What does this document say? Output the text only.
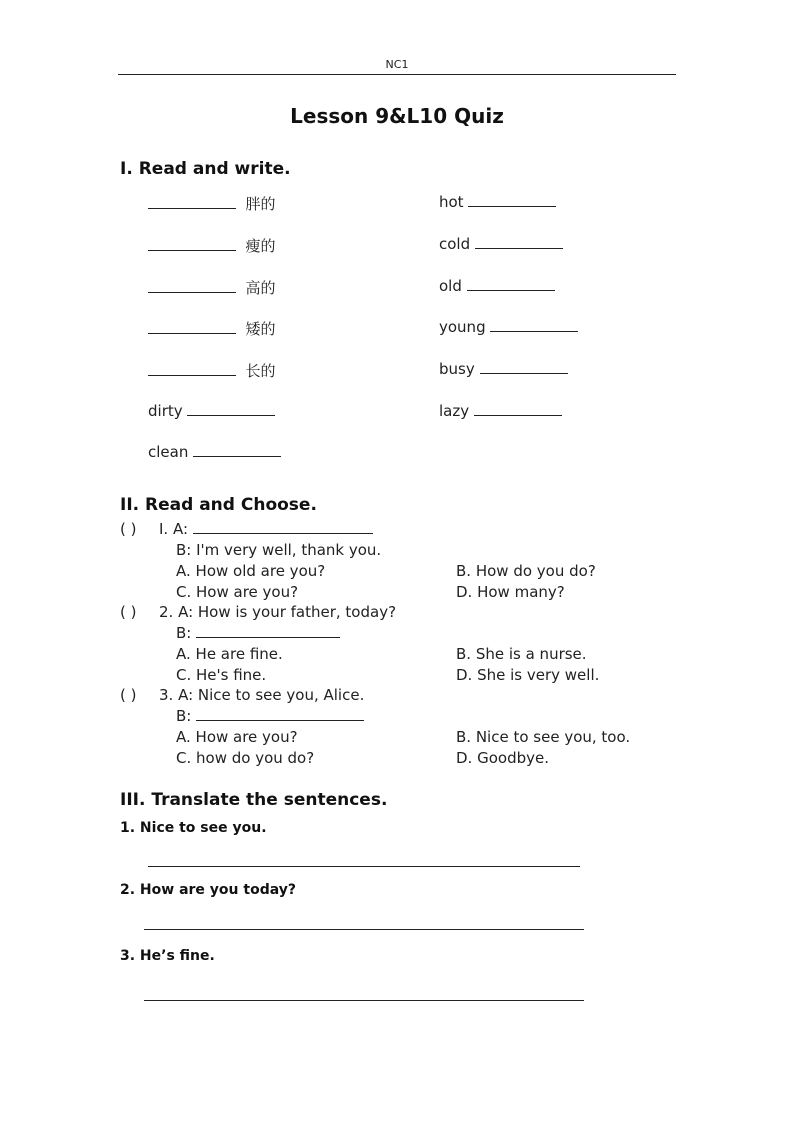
NC1
Lesson 9&L10 Quiz
I. Read and write.
胖的
瘦的
高的
矮的
长的
dirty
clean
hot
cold
old
young
busy
lazy
II. Read and Choose.
( ) I. A:
B: I'm very well, thank you.
A. How old are you?	B. How do you do?
C. How are you?	D. How many?
( ) 2. A: How is your father, today?
B:
A. He are fine.	B. She is a nurse.
C. He's fine.	D. She is very well.
( ) 3. A: Nice to see you, Alice.
B:
A. How are you?	B. Nice to see you, too.
C. how do you do?	D. Goodbye.
III. Translate the sentences.
1. Nice to see you.
2. How are you today?
3. He’s fine.
